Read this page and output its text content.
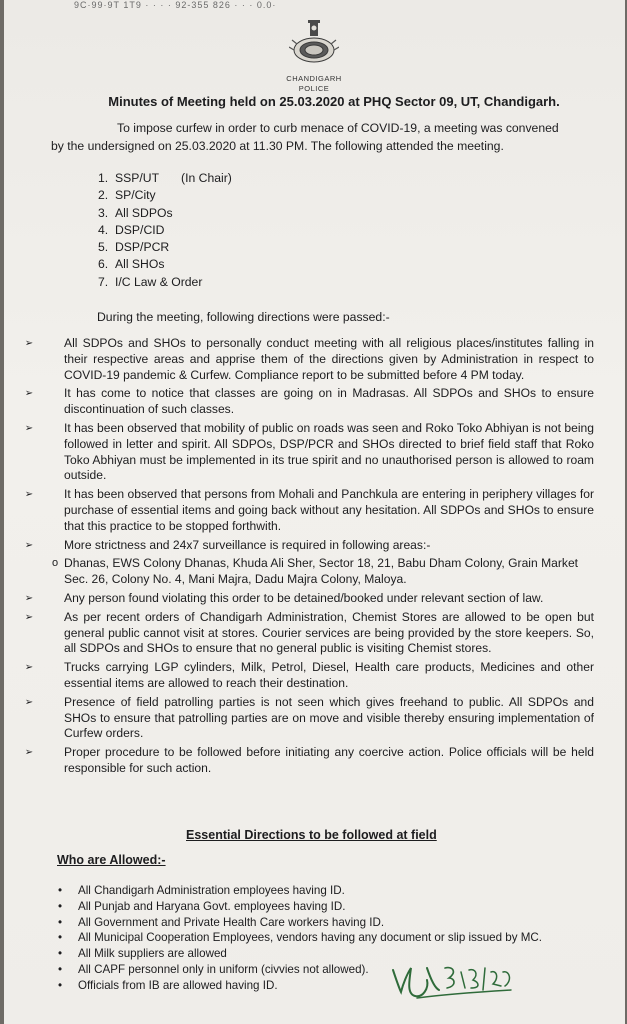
9C·99·9T 1T9 · · · · 92-355 826 · · · 0.0·
CHANDIGARH
POLICE
Minutes of Meeting held on 25.03.2020 at PHQ Sector 09, UT, Chandigarh.
To impose curfew in order to curb menace of COVID-19, a meeting was convened
by the undersigned on 25.03.2020 at 11.30 PM. The following attended the meeting.
1. SSP/UT (In Chair)
2. SP/City
3. All SDPOs
4. DSP/CID
5. DSP/PCR
6. All SHOs
7. I/C Law & Order
During the meeting, following directions were passed:-
➢	All SDPOs and SHOs to personally conduct meeting with all religious places/institutes falling in their respective areas and apprise them of the directions given by Administration in respect to COVID-19 pandemic & Curfew. Compliance report to be submitted before 4 PM today.
➢	It has come to notice that classes are going on in Madrasas. All SDPOs and SHOs to ensure discontinuation of such classes.
➢	It has been observed that mobility of public on roads was seen and Roko Toko Abhiyan is not being followed in letter and spirit. All SDPOs, DSP/PCR and SHOs directed to brief field staff that Roko Toko Abhiyan must be implemented in its true spirit and no unauthorised person is allowed to roam outside.
➢	It has been observed that persons from Mohali and Panchkula are entering in periphery villages for purchase of essential items and going back without any hesitation. All SDPOs and SHOs to ensure that this practice to be stopped forthwith.
➢	More strictness and 24x7 surveillance is required in following areas:-
o Dhanas, EWS Colony Dhanas, Khuda Ali Sher, Sector 18, 21, Babu Dham Colony, Grain Market Sec. 26, Colony No. 4, Mani Majra, Dadu Majra Colony, Maloya.
➢	Any person found violating this order to be detained/booked under relevant section of law.
➢	As per recent orders of Chandigarh Administration, Chemist Stores are allowed to be open but general public cannot visit at stores. Courier services are being provided by the store keepers. So, all SDPOs and SHOs to ensure that no general public is visiting Chemist stores.
➢	Trucks carrying LGP cylinders, Milk, Petrol, Diesel, Health care products, Medicines and other essential items are allowed to reach their destination.
➢	Presence of field patrolling parties is not seen which gives freehand to public. All SDPOs and SHOs to ensure that patrolling parties are on move and visible thereby ensuring implementation of Curfew orders.
➢	Proper procedure to be followed before initiating any coercive action. Police officials will be held responsible for such action.
Essential Directions to be followed at field
Who are Allowed:-
• All Chandigarh Administration employees having ID.
• All Punjab and Haryana Govt. employees having ID.
• All Government and Private Health Care workers having ID.
• All Municipal Cooperation Employees, vendors having any document or slip issued by MC.
• All Milk suppliers are allowed
• All CAPF personnel only in uniform (civvies not allowed).
• Officials from IB are allowed having ID.
